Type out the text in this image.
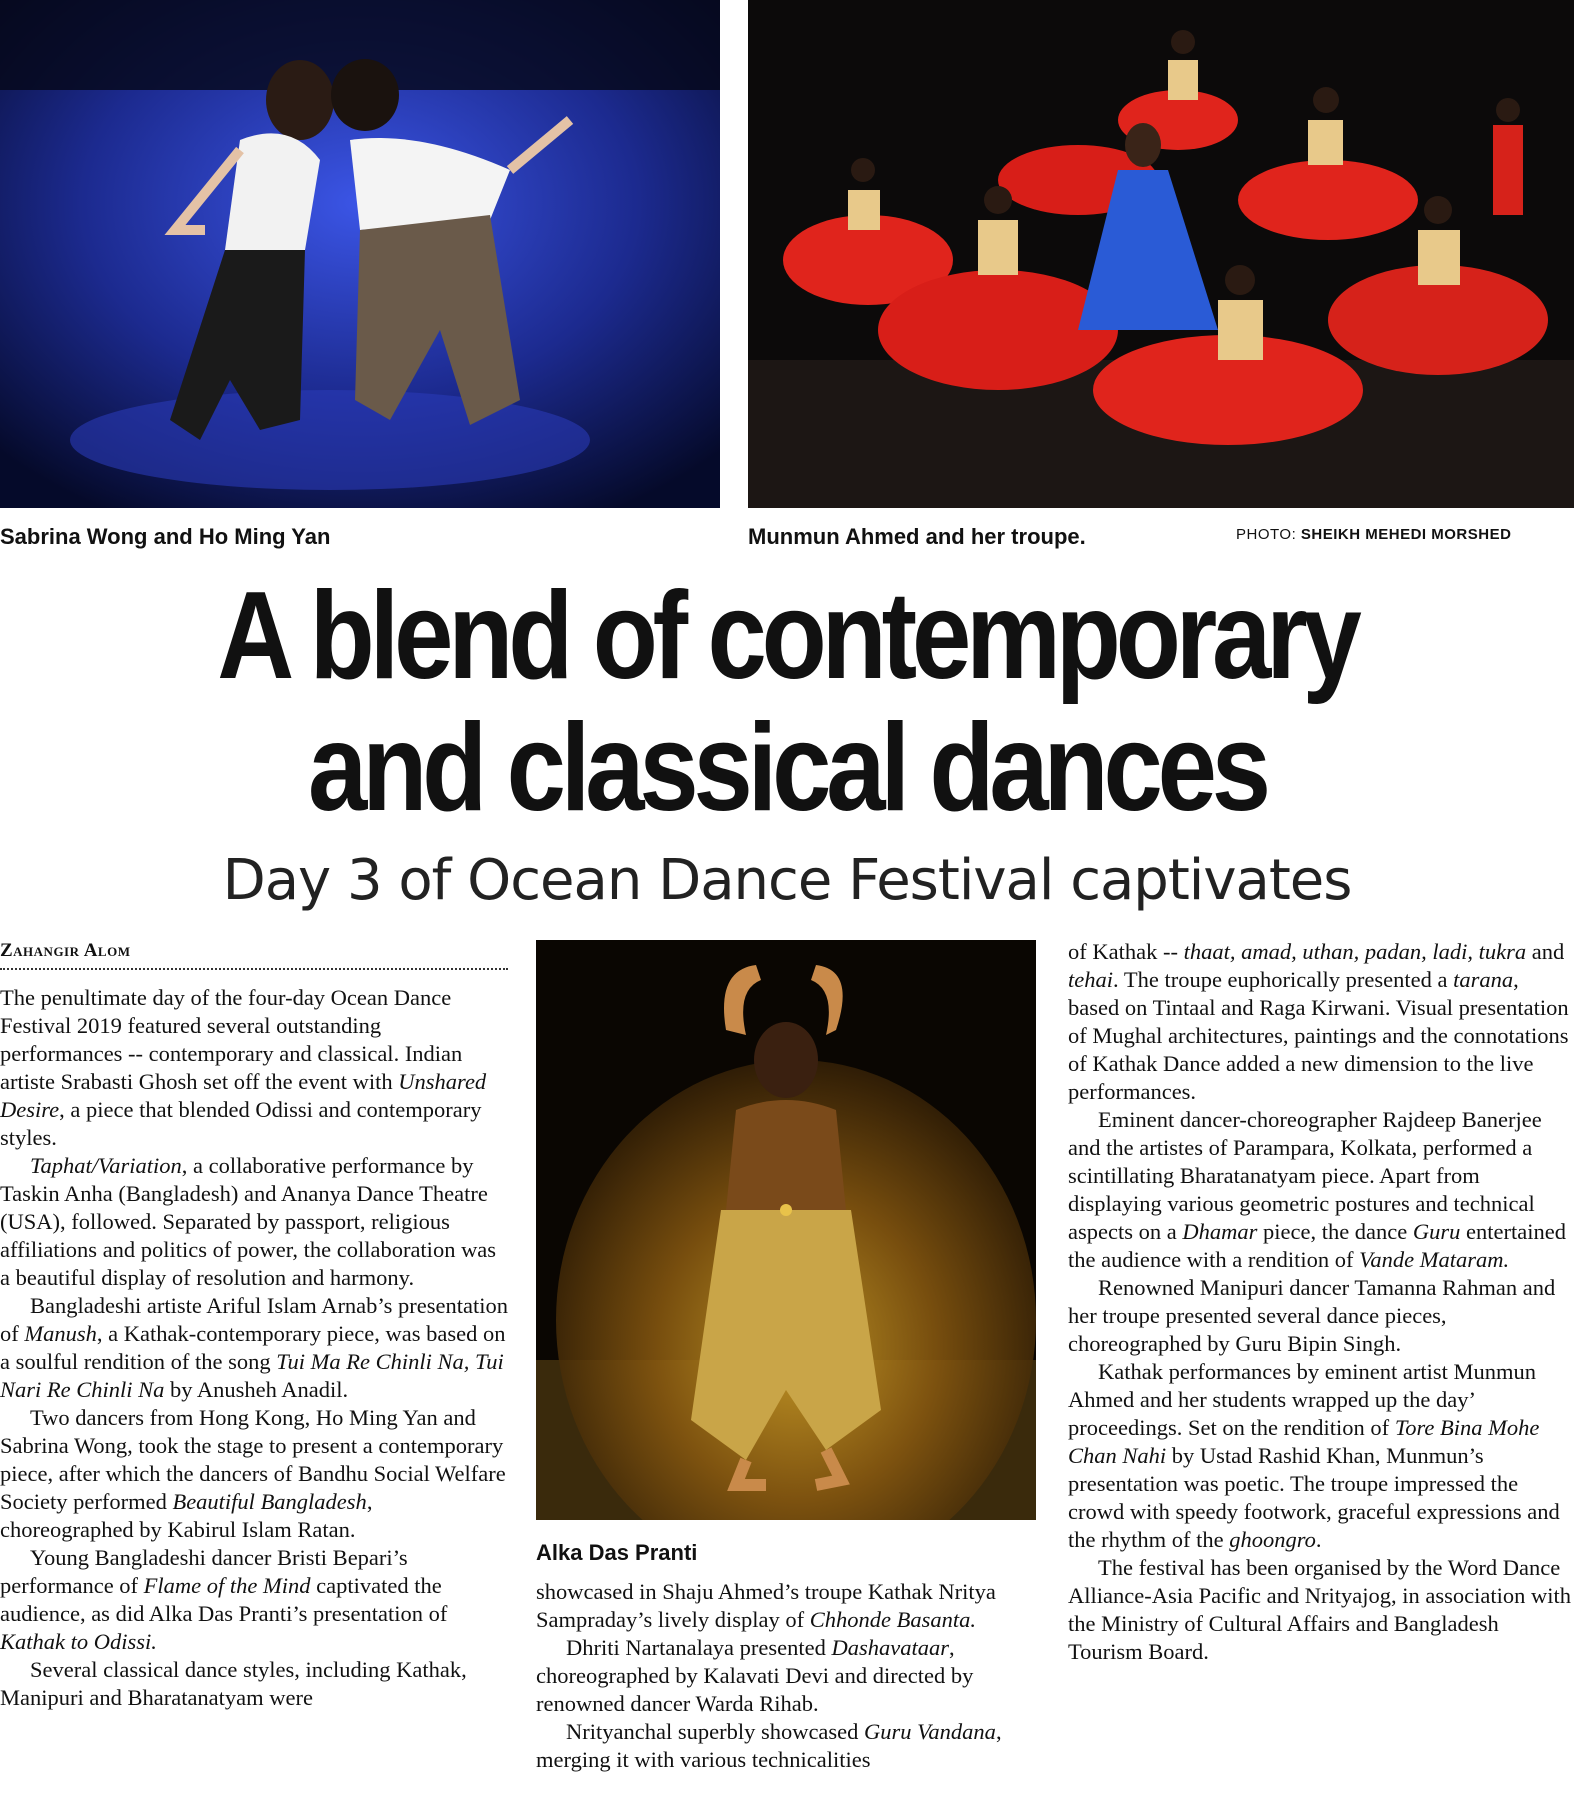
Sabrina Wong and Ho Ming Yan	Munmun Ahmed and her troupe.	PHOTO: SHEIKH MEHEDI MORSHED
A blend of contemporary
and classical dances
Day 3 of Ocean Dance Festival captivates
Zahangir Alom

The penultimate day of the four-day Ocean Dance Festival 2019 featured several outstanding performances -- contemporary and classical. Indian artiste Srabasti Ghosh set off the event with Unshared Desire, a piece that blended Odissi and contemporary styles.

Taphat/Variation, a collaborative performance by Taskin Anha (Bangladesh) and Ananya Dance Theatre (USA), followed. Separated by passport, religious affiliations and politics of power, the collaboration was a beautiful display of resolution and harmony.

Bangladeshi artiste Ariful Islam Arnab’s presentation of Manush, a Kathak-contemporary piece, was based on a soulful rendition of the song Tui Ma Re Chinli Na, Tui Nari Re Chinli Na by Anusheh Anadil.

Two dancers from Hong Kong, Ho Ming Yan and Sabrina Wong, took the stage to present a contemporary piece, after which the dancers of Bandhu Social Welfare Society performed Beautiful Bangladesh, choreographed by Kabirul Islam Ratan.

Young Bangladeshi dancer Bristi Bepari’s performance of Flame of the Mind captivated the audience, as did Alka Das Pranti’s presentation of Kathak to Odissi.

Several classical dance styles, including Kathak, Manipuri and Bharatanatyam were

Alka Das Pranti

showcased in Shaju Ahmed’s troupe Kathak Nritya Sampraday’s lively display of Chhonde Basanta.

Dhriti Nartanalaya presented Dashavataar, choreographed by Kalavati Devi and directed by renowned dancer Warda Rihab.

Nrityanchal superbly showcased Guru Vandana, merging it with various technicalities

of Kathak -- thaat, amad, uthan, padan, ladi, tukra and tehai. The troupe euphorically presented a tarana, based on Tintaal and Raga Kirwani. Visual presentation of Mughal architectures, paintings and the connotations of Kathak Dance added a new dimension to the live performances.

Eminent dancer-choreographer Rajdeep Banerjee and the artistes of Parampara, Kolkata, performed a scintillating Bharatanatyam piece. Apart from displaying various geometric postures and technical aspects on a Dhamar piece, the dance Guru entertained the audience with a rendition of Vande Mataram.

Renowned Manipuri dancer Tamanna Rahman and her troupe presented several dance pieces, choreographed by Guru Bipin Singh.

Kathak performances by eminent artist Munmun Ahmed and her students wrapped up the day’ proceedings. Set on the rendition of Tore Bina Mohe Chan Nahi by Ustad Rashid Khan, Munmun’s presentation was poetic. The troupe impressed the crowd with speedy footwork, graceful expressions and the rhythm of the ghoongro.

The festival has been organised by the Word Dance Alliance-Asia Pacific and Nrityajog, in association with the Ministry of Cultural Affairs and Bangladesh Tourism Board.
